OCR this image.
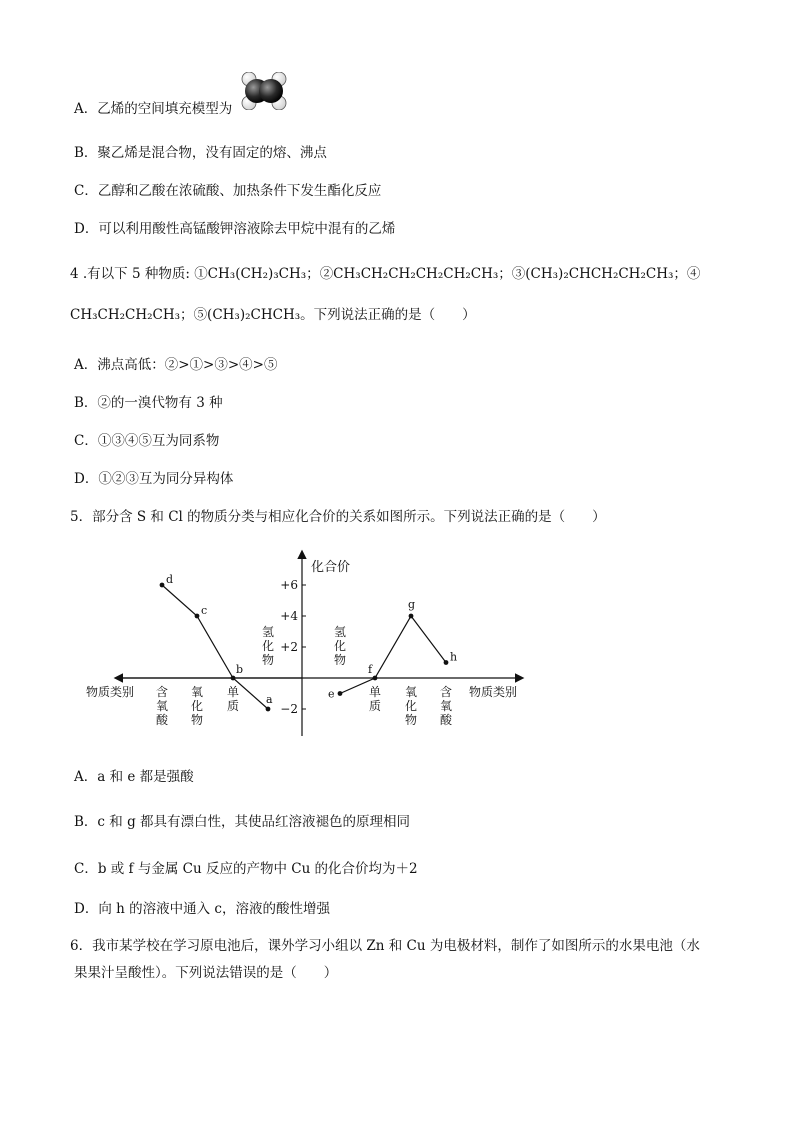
A．乙烯的空间填充模型为
B．聚乙烯是混合物，没有固定的熔、沸点
C．乙醇和乙酸在浓硫酸、加热条件下发生酯化反应
D．可以利用酸性高锰酸钾溶液除去甲烷中混有的乙烯
4 .有以下 5 种物质: ①CH₃(CH₂)₃CH₃；②CH₃CH₂CH₂CH₂CH₂CH₃；③(CH₃)₂CHCH₂CH₂CH₃；④
CH₃CH₂CH₂CH₃；⑤(CH₃)₂CHCH₃。下列说法正确的是（　　）
A．沸点高低：②>①>③>④>⑤
B．②的一溴代物有 3 种
C．①③④⑤互为同系物
D．①②③互为同分异构体
5．部分含 S 和 Cl 的物质分类与相应化合价的关系如图所示。下列说法正确的是（　　）
化合价
物质类别	物质类别
+6
+4
+2
−2
含
氧
酸
氧
化
物
单
质
氢
化
物
氢
化
物
单
质
氧
化
物
含
氧
酸
d
c
b
a	e
f
g
h
A．a 和 e 都是强酸
B．c 和 g 都具有漂白性，其使品红溶液褪色的原理相同
C．b 或 f 与金属 Cu 反应的产物中 Cu 的化合价均为＋2
D．向 h 的溶液中通入 c，溶液的酸性增强
6．我市某学校在学习原电池后，课外学习小组以 Zn 和 Cu 为电极材料，制作了如图所示的水果电池（水
果果汁呈酸性）。下列说法错误的是（　　）
